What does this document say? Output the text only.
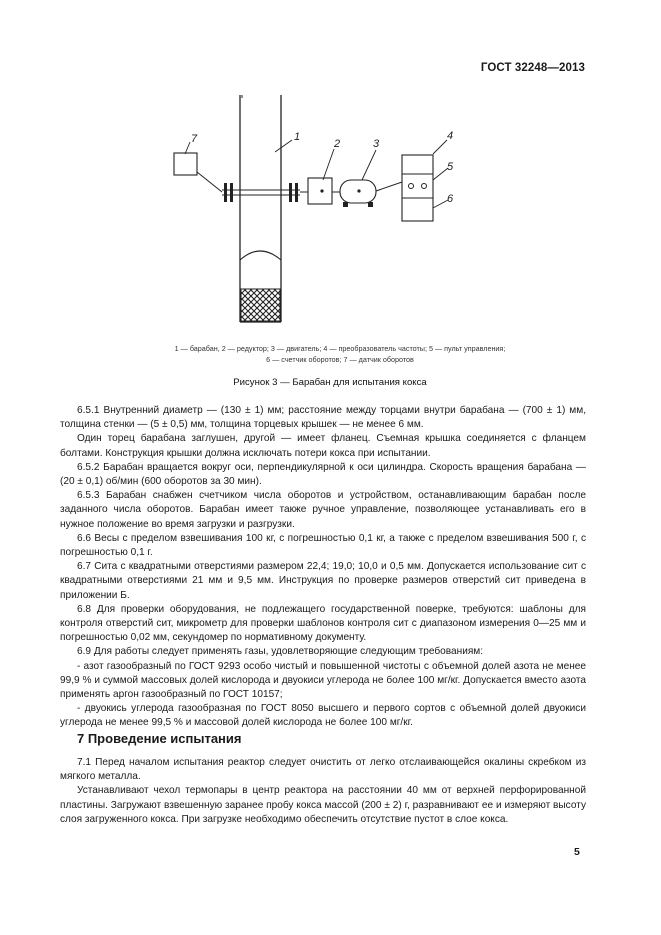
ГОСТ 32248—2013
7	1
2	3
4
5
6
1 — барабан, 2 — редуктор; 3 — двигатель; 4 — преобразователь частоты; 5 — пульт управления;
6 — счетчик оборотов; 7 — датчик оборотов
Рисунок 3 — Барабан для испытания кокса

6.5.1 Внутренний диаметр — (130 ± 1) мм; расстояние между торцами внутри барабана — (700 ± 1) мм, толщина стенки — (5 ± 0,5) мм, толщина торцевых крышек — не менее 6 мм.

Один торец барабана заглушен, другой — имеет фланец. Съемная крышка соединяется с фланцем болтами. Конструкция крышки должна исключать потери кокса при испытании.

6.5.2 Барабан вращается вокруг оси, перпендикулярной к оси цилиндра. Скорость вращения барабана — (20 ± 0,1) об/мин (600 оборотов за 30 мин).

6.5.3 Барабан снабжен счетчиком числа оборотов и устройством, останавливающим барабан после заданного числа оборотов. Барабан имеет также ручное управление, позволяющее устанавливать его в нужное положение во время загрузки и разгрузки.

6.6 Весы с пределом взвешивания 100 кг, с погрешностью 0,1 кг, а также с пределом взвешивания 500 г, с погрешностью 0,1 г.

6.7 Сита с квадратными отверстиями размером 22,4; 19,0; 10,0 и 0,5 мм. Допускается использование сит с квадратными отверстиями 21 мм и 9,5 мм. Инструкция по проверке размеров отверстий сит приведена в приложении Б.

6.8 Для проверки оборудования, не подлежащего государственной поверке, требуются: шаблоны для контроля отверстий сит, микрометр для проверки шаблонов контроля сит с диапазоном измерения 0—25 мм и погрешностью 0,02 мм, секундомер по нормативному документу.

6.9 Для работы следует применять газы, удовлетворяющие следующим требованиям:

- азот газообразный по ГОСТ 9293 особо чистый и повышенной чистоты с объемной долей азота не менее 99,9 % и суммой массовых долей кислорода и двуокиси углерода не более 100 мг/кг. Допускается вместо азота применять аргон газообразный по ГОСТ 10157;

- двуокись углерода газообразная по ГОСТ 8050 высшего и первого сортов с объемной долей двуокиси углерода не менее 99,5 % и массовой долей кислорода не более 100 мг/кг.

7 Проведение испытания

7.1 Перед началом испытания реактор следует очистить от легко отслаивающейся окалины скребком из мягкого металла.

Устанавливают чехол термопары в центр реактора на расстоянии 40 мм от верхней перфорированной пластины. Загружают взвешенную заранее пробу кокса массой (200 ± 2) г, разравнивают ее и измеряют высоту слоя загруженного кокса. При загрузке необходимо обеспечить отсутствие пустот в слое кокса.

5
